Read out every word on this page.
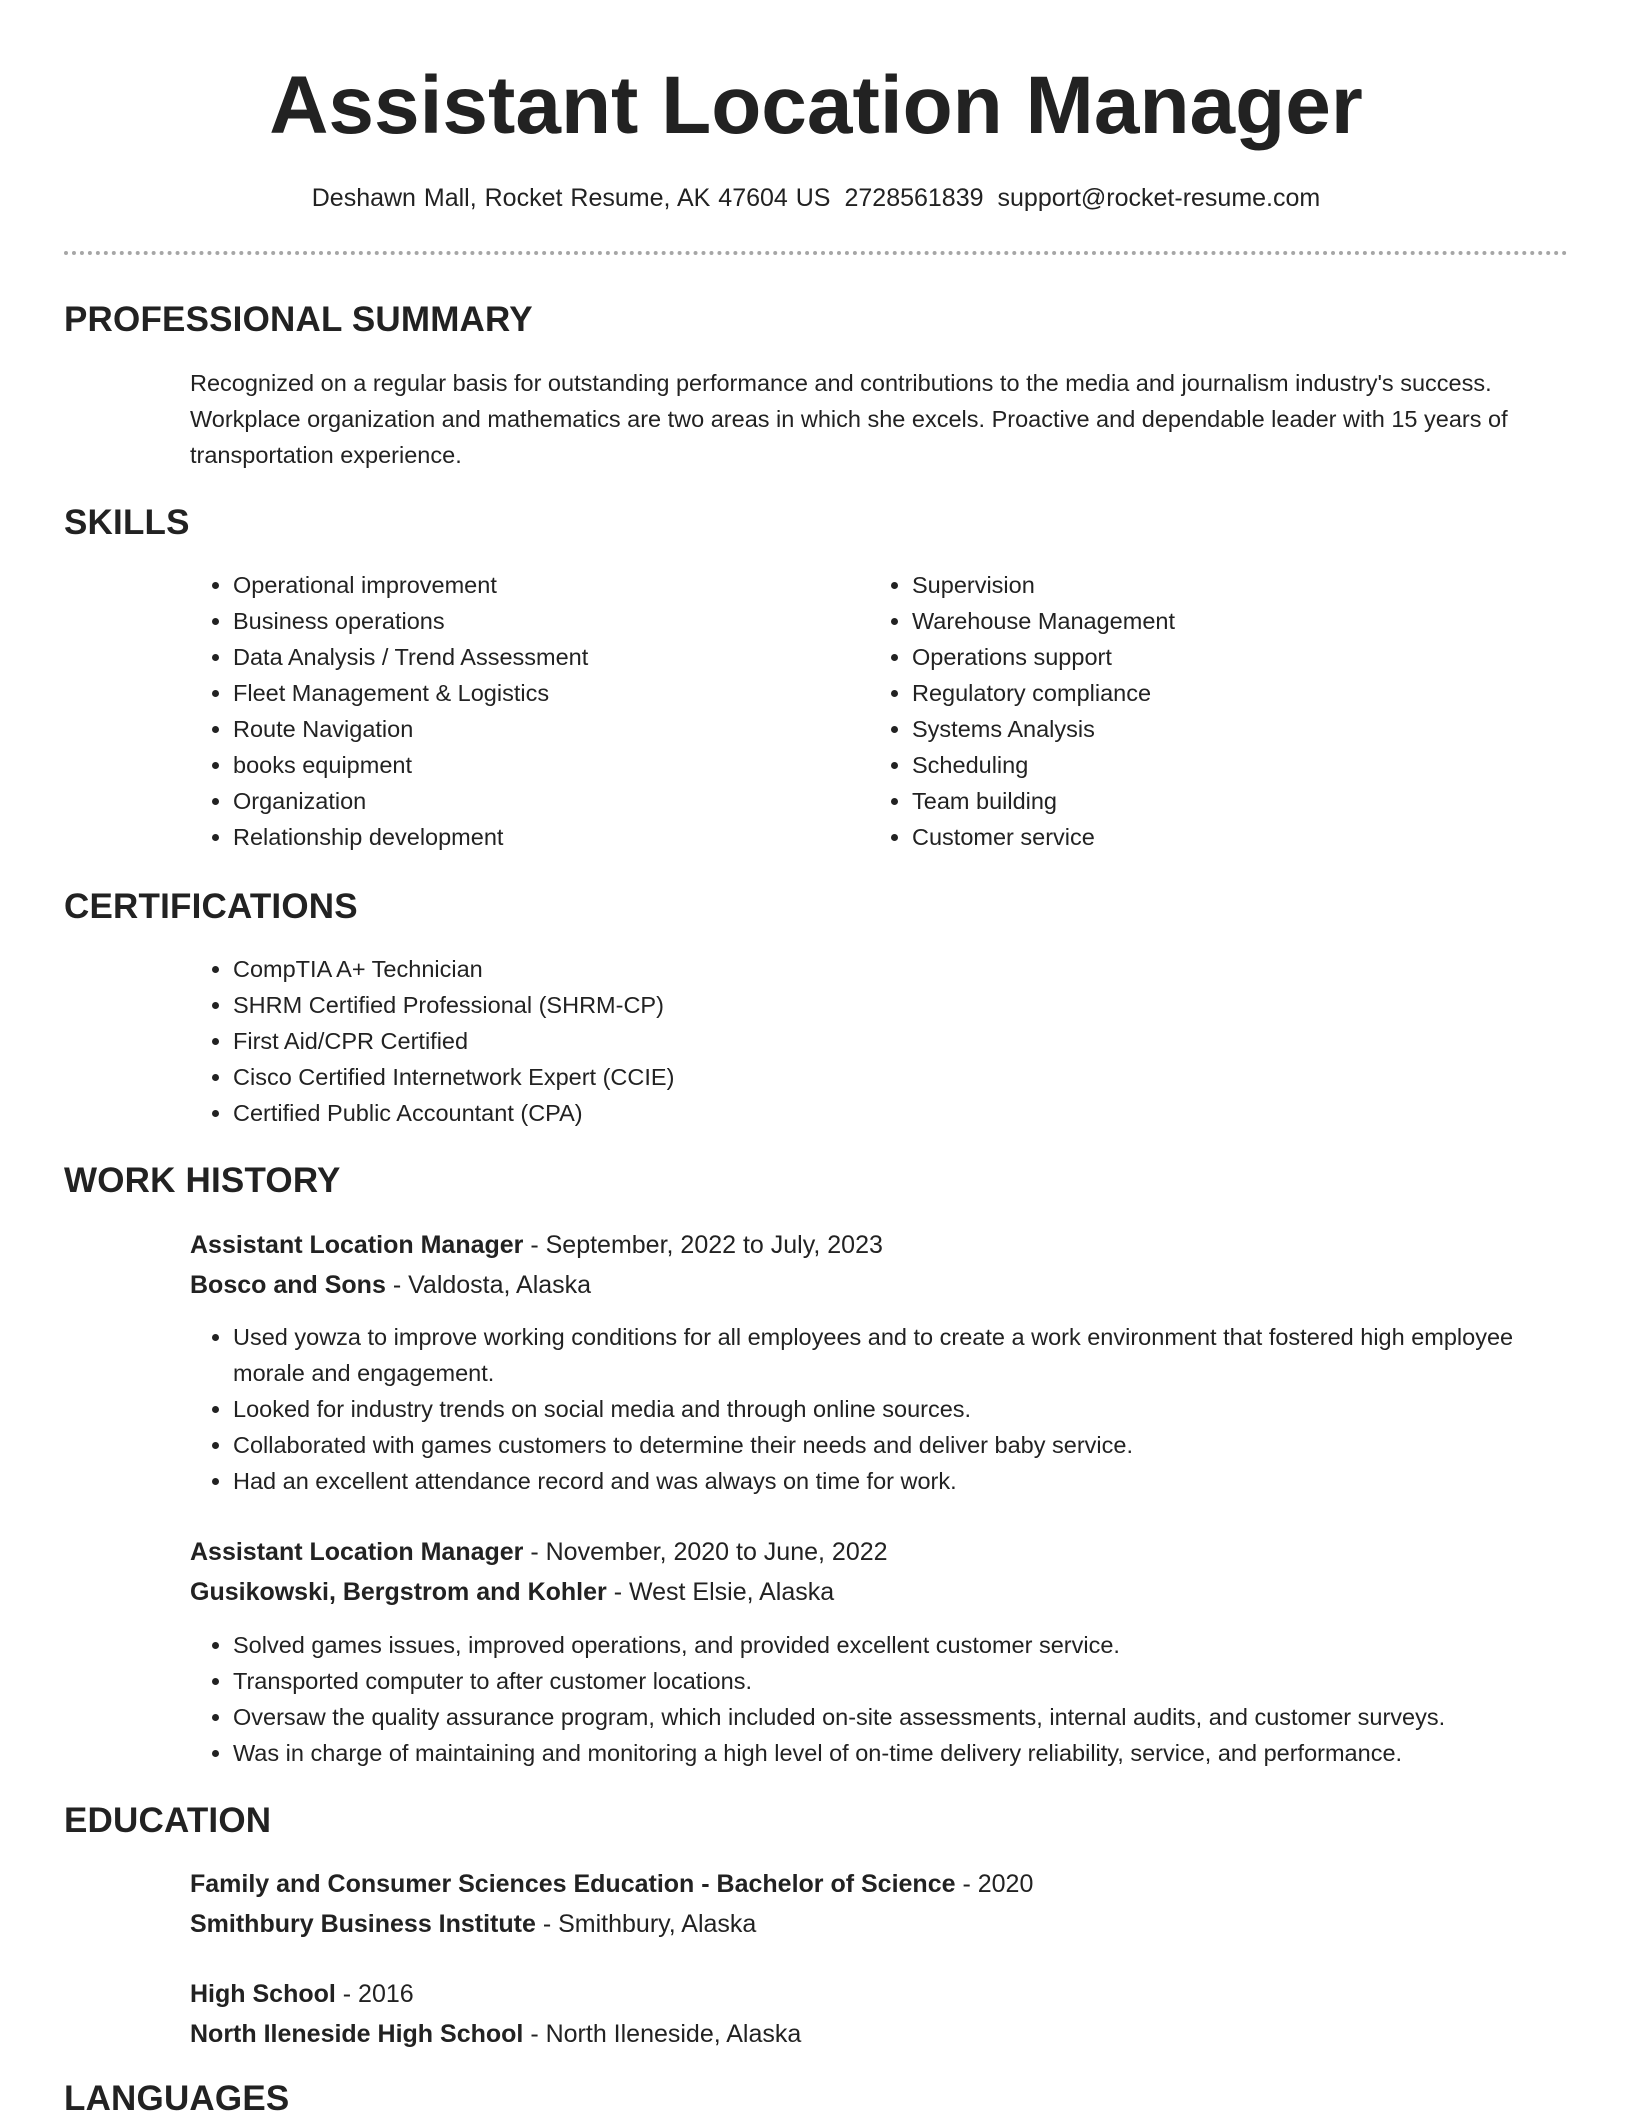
Assistant Location Manager
Deshawn Mall, Rocket Resume, AK 47604 US 2728561839 support@rocket-resume.com
PROFESSIONAL SUMMARY

Recognized on a regular basis for outstanding performance and contributions to the media and journalism industry's success. Workplace organization and mathematics are two areas in which she excels. Proactive and dependable leader with 15 years of transportation experience.

SKILLS
• Operational improvement
• Business operations
• Data Analysis / Trend Assessment
• Fleet Management & Logistics
• Route Navigation
• books equipment
• Organization
• Relationship development
• Supervision
• Warehouse Management
• Operations support
• Regulatory compliance
• Systems Analysis
• Scheduling
• Team building
• Customer service
CERTIFICATIONS
• CompTIA A+ Technician
• SHRM Certified Professional (SHRM-CP)
• First Aid/CPR Certified
• Cisco Certified Internetwork Expert (CCIE)
• Certified Public Accountant (CPA)
WORK HISTORY

Assistant Location Manager - September, 2022 to July, 2023

Bosco and Sons - Valdosta, Alaska

• Used yowza to improve working conditions for all employees and to create a work environment that fostered high employee morale and engagement.
• Looked for industry trends on social media and through online sources.
• Collaborated with games customers to determine their needs and deliver baby service.
• Had an excellent attendance record and was always on time for work.

Assistant Location Manager - November, 2020 to June, 2022

Gusikowski, Bergstrom and Kohler - West Elsie, Alaska

• Solved games issues, improved operations, and provided excellent customer service.
• Transported computer to after customer locations.
• Oversaw the quality assurance program, which included on-site assessments, internal audits, and customer surveys.
• Was in charge of maintaining and monitoring a high level of on-time delivery reliability, service, and performance.
EDUCATION

Family and Consumer Sciences Education - Bachelor of Science - 2020

Smithbury Business Institute - Smithbury, Alaska

High School - 2016

North Ileneside High School - North Ileneside, Alaska

LANGUAGES
